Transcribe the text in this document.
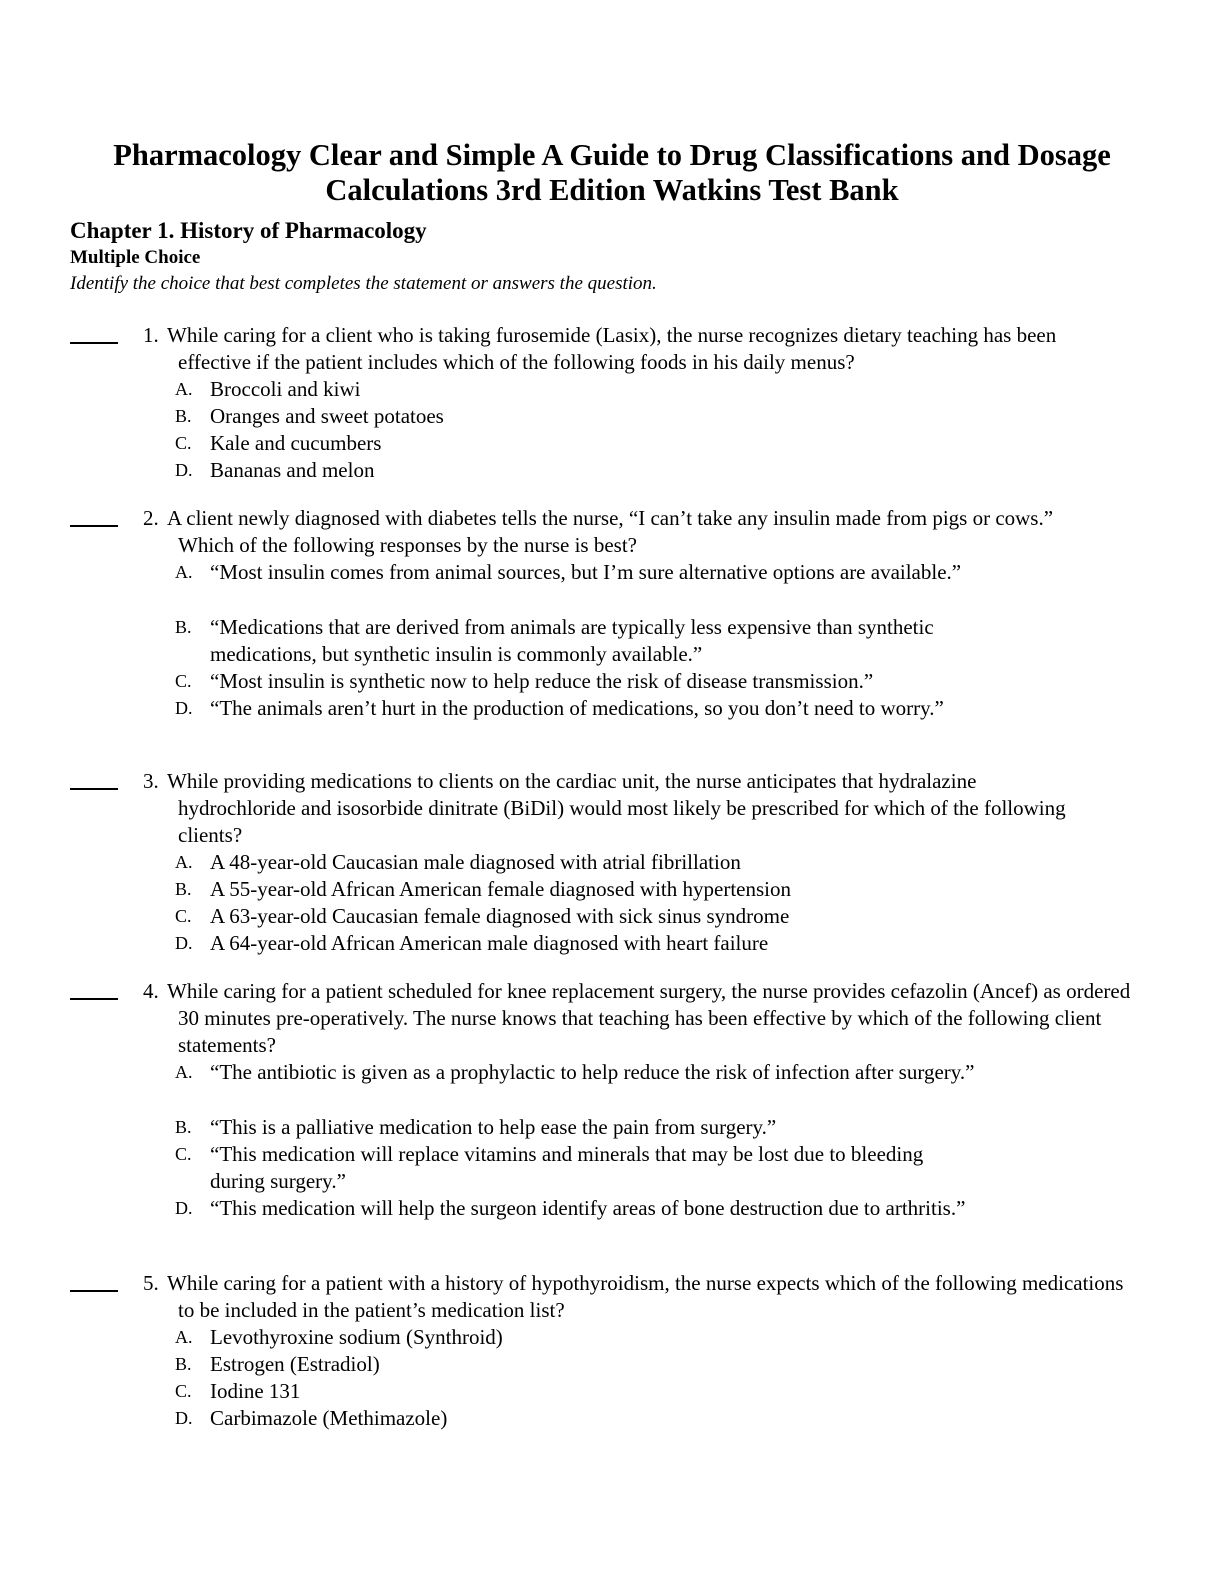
Pharmacology Clear and Simple A Guide to Drug Classifications and Dosage Calculations 3rd Edition Watkins Test Bank
Chapter 1. History of Pharmacology
Multiple Choice
Identify the choice that best completes the statement or answers the question.
1. While caring for a client who is taking furosemide (Lasix), the nurse recognizes dietary teaching has been effective if the patient includes which of the following foods in his daily menus?
A. Broccoli and kiwi
B. Oranges and sweet potatoes
C. Kale and cucumbers
D. Bananas and melon
2. A client newly diagnosed with diabetes tells the nurse, “I can’t take any insulin made from pigs or cows.” Which of the following responses by the nurse is best?
A. “Most insulin comes from animal sources, but I’m sure alternative options are available.”
B. “Medications that are derived from animals are typically less expensive than synthetic medications, but synthetic insulin is commonly available.”
C. “Most insulin is synthetic now to help reduce the risk of disease transmission.”
D. “The animals aren’t hurt in the production of medications, so you don’t need to worry.”
3. While providing medications to clients on the cardiac unit, the nurse anticipates that hydralazine hydrochloride and isosorbide dinitrate (BiDil) would most likely be prescribed for which of the following clients?
A. A 48-year-old Caucasian male diagnosed with atrial fibrillation
B. A 55-year-old African American female diagnosed with hypertension
C. A 63-year-old Caucasian female diagnosed with sick sinus syndrome
D. A 64-year-old African American male diagnosed with heart failure
4. While caring for a patient scheduled for knee replacement surgery, the nurse provides cefazolin (Ancef) as ordered 30 minutes pre-operatively. The nurse knows that teaching has been effective by which of the following client statements?
A. “The antibiotic is given as a prophylactic to help reduce the risk of infection after surgery.”
B. “This is a palliative medication to help ease the pain from surgery.”
C. “This medication will replace vitamins and minerals that may be lost due to bleeding during surgery.”
D. “This medication will help the surgeon identify areas of bone destruction due to arthritis.”
5. While caring for a patient with a history of hypothyroidism, the nurse expects which of the following medications to be included in the patient’s medication list?
A. Levothyroxine sodium (Synthroid)
B. Estrogen (Estradiol)
C. Iodine 131
D. Carbimazole (Methimazole)
